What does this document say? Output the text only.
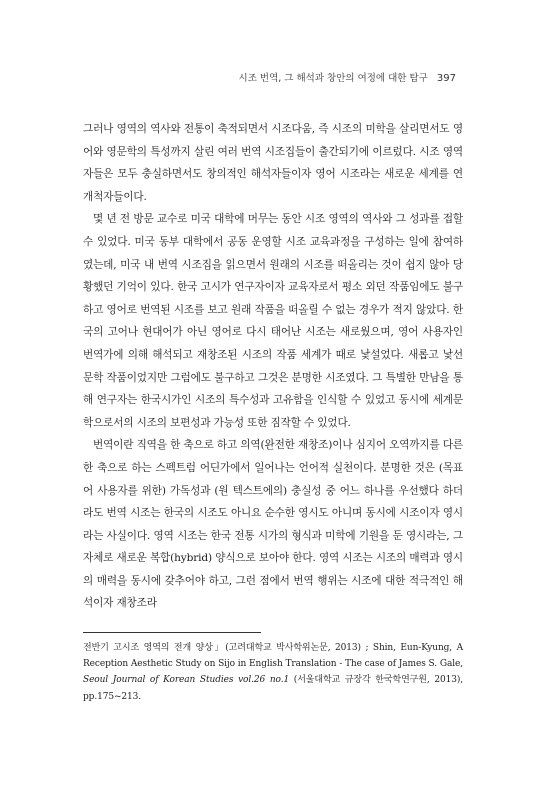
시조 번역, 그 해석과 창안의 여정에 대한 탐구 397

그러나 영역의 역사와 전통이 축적되면서 시조다움, 즉 시조의 미학을 살리면서도 영어와 영문학의 특성까지 살린 여러 번역 시조집들이 출간되기에 이르렀다. 시조 영역자들은 모두 충실하면서도 창의적인 해석자들이자 영어 시조라는 새로운 세계를 연 개척자들이다.

몇 년 전 방문 교수로 미국 대학에 머무는 동안 시조 영역의 역사와 그 성과를 접할 수 있었다. 미국 동부 대학에서 공동 운영할 시조 교육과정을 구성하는 일에 참여하였는데, 미국 내 번역 시조집을 읽으면서 원래의 시조를 떠올리는 것이 쉽지 않아 당황했던 기억이 있다. 한국 고시가 연구자이자 교육자로서 평소 외던 작품임에도 불구하고 영어로 번역된 시조를 보고 원래 작품을 떠올릴 수 없는 경우가 적지 않았다. 한국의 고어나 현대어가 아닌 영어로 다시 태어난 시조는 새로웠으며, 영어 사용자인 번역가에 의해 해석되고 재창조된 시조의 작품 세계가 때로 낯설었다. 새롭고 낯선 문학 작품이었지만 그럼에도 불구하고 그것은 분명한 시조였다. 그 특별한 만남을 통해 연구자는 한국시가인 시조의 특수성과 고유함을 인식할 수 있었고 동시에 세계문학으로서의 시조의 보편성과 가능성 또한 짐작할 수 있었다.

번역이란 직역을 한 축으로 하고 의역(완전한 재창조)이나 심지어 오역까지를 다른 한 축으로 하는 스펙트럼 어딘가에서 일어나는 언어적 실천이다. 분명한 것은 (목표어 사용자를 위한) 가독성과 (원 텍스트에의) 충실성 중 어느 하나를 우선했다 하더라도 번역 시조는 한국의 시조도 아니요 순수한 영시도 아니며 동시에 시조이자 영시라는 사실이다. 영역 시조는 한국 전통 시가의 형식과 미학에 기원을 둔 영시라는, 그 자체로 새로운 복합(hybrid) 양식으로 보아야 한다. 영역 시조는 시조의 매력과 영시의 매력을 동시에 갖추어야 하고, 그런 점에서 번역 행위는 시조에 대한 적극적인 해석이자 재창조라

전반기 고시조 영역의 전개 양상」(고려대학교 박사학위논문, 2013) ; Shin, Eun-Kyung, A Reception Aesthetic Study on Sijo in English Translation - The case of James S. Gale, Seoul Journal of Korean Studies vol.26 no.1 (서울대학교 규장각 한국학연구원, 2013), pp.175~213.
